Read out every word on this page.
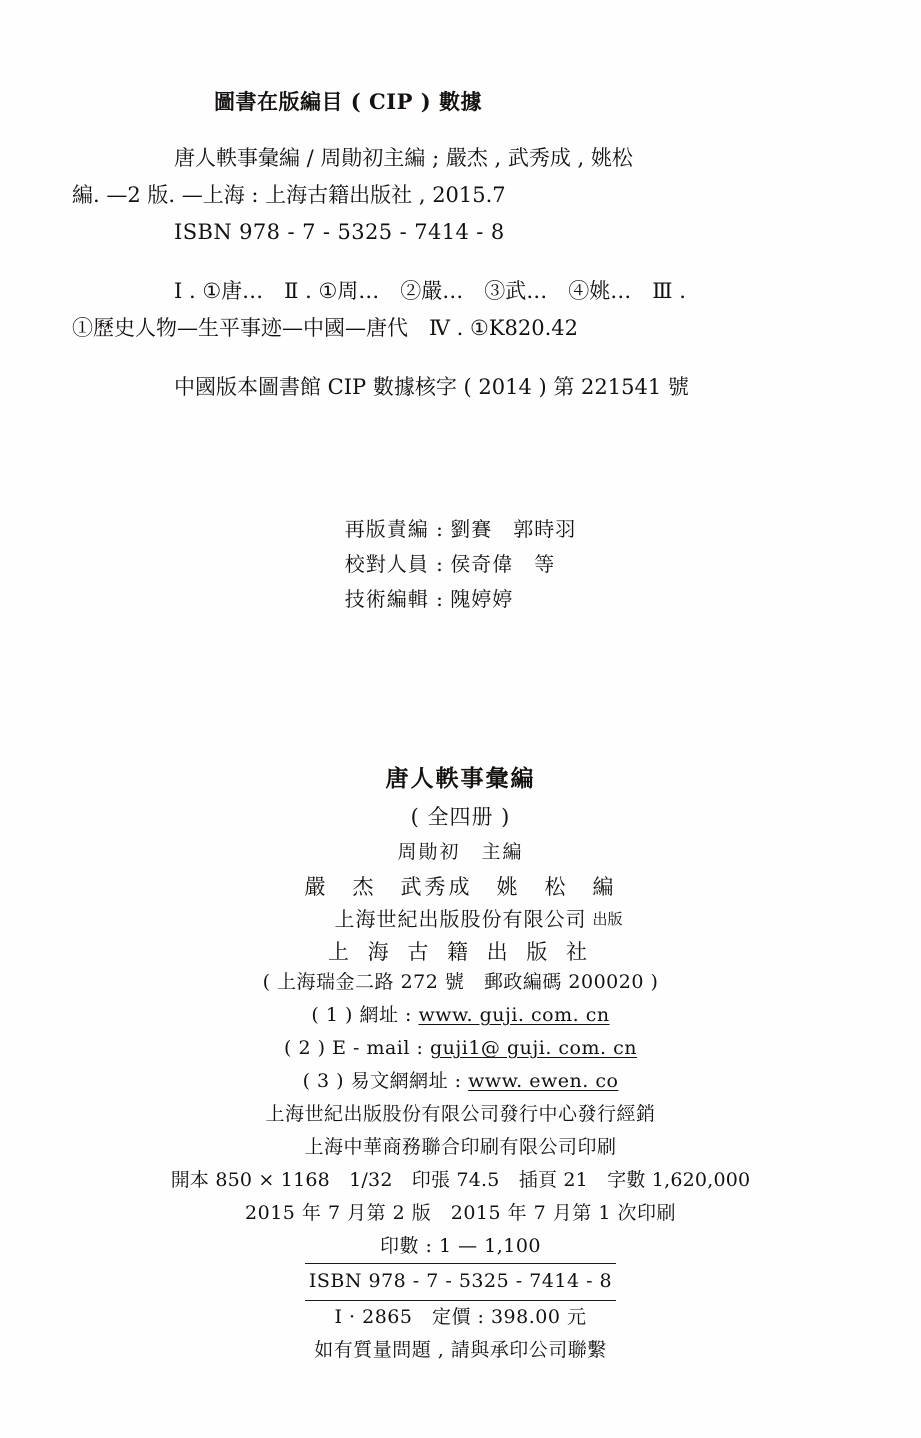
圖書在版編目 ( CIP ) 數據
唐人軼事彙編 / 周勛初主編 ; 嚴杰 , 武秀成 , 姚松
編. —2 版. —上海 : 上海古籍出版社 , 2015.7
ISBN 978 - 7 - 5325 - 7414 - 8
Ⅰ . ①唐…　Ⅱ . ①周…　②嚴…　③武…　④姚…　Ⅲ .
①歷史人物—生平事迹—中國—唐代　Ⅳ . ①K820.42
中國版本圖書館 CIP 數據核字 ( 2014 ) 第 221541 號
再版責編 : 劉賽　郭時羽
校對人員 : 侯奇偉　等
技術編輯 : 隗婷婷
唐人軼事彙編
( 全四册 )
周勛初　主編
嚴　杰　武秀成　姚　松　編
上海世紀出版股份有限公司 出版
上 海 古 籍 出 版 社
( 上海瑞金二路 272 號　郵政編碼 200020 )
( 1 ) 網址 : www. guji. com. cn
( 2 ) E - mail : guji1@ guji. com. cn
( 3 ) 易文網網址 : www. ewen. co
上海世紀出版股份有限公司發行中心發行經銷
上海中華商務聯合印刷有限公司印刷
開本 850 × 1168　1/32　印張 74.5　插頁 21　字數 1,620,000
2015 年 7 月第 2 版　2015 年 7 月第 1 次印刷
印數 : 1 — 1,100
ISBN 978 - 7 - 5325 - 7414 - 8
Ⅰ · 2865　定價 : 398.00 元
如有質量問題 , 請與承印公司聯繫
